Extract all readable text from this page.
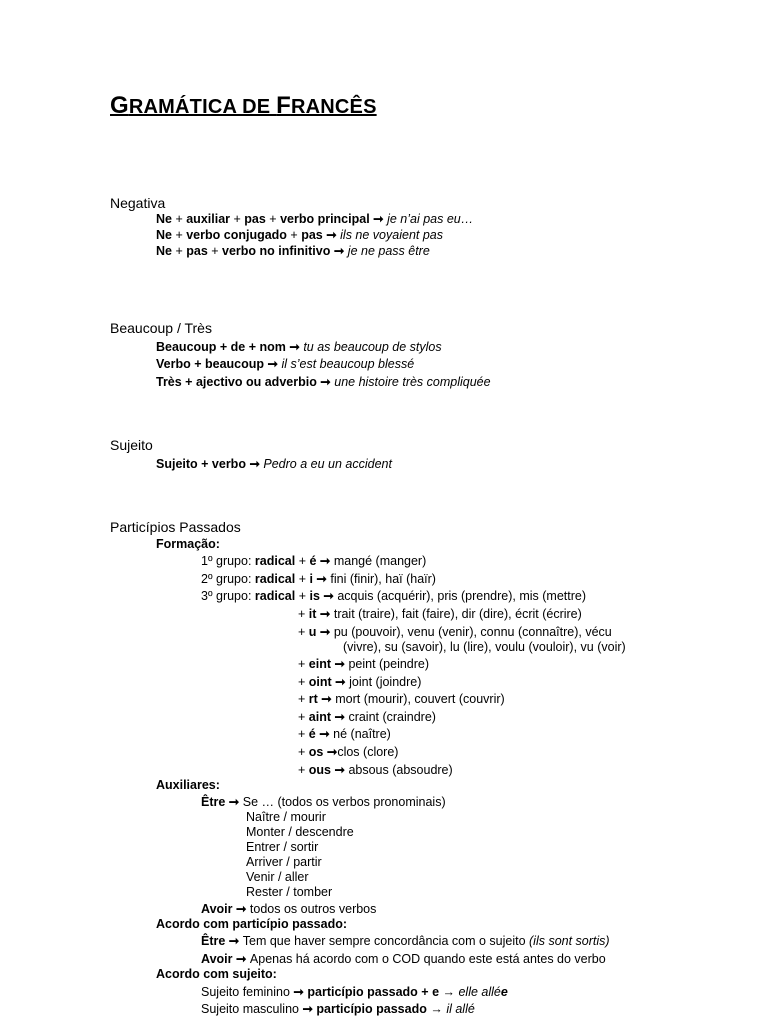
GRAMÁTICA DE FRANCÊS
Negativa
Ne + auxiliar + pas + verbo principal ➞ je n’ai pas eu…
Ne + verbo conjugado + pas ➞ ils ne voyaient pas
Ne + pas + verbo no infinitivo ➞ je ne pass être
Beaucoup / Très
Beaucoup + de + nom ➞ tu as beaucoup de stylos
Verbo + beaucoup ➞ il s’est beaucoup blessé
Très + ajectivo ou adverbio ➞ une histoire très compliquée
Sujeito
Sujeito + verbo ➞ Pedro a eu un accident
Particípios Passados
Formação:
1º grupo: radical + é ➞ mangé (manger)
2º grupo: radical + i ➞ fini (finir), haï (haïr)
3º grupo: radical + is ➞ acquis (acquérir), pris (prendre), mis (mettre)
+ it ➞ trait (traire), fait (faire), dir (dire), écrit (écrire)
+ u ➞ pu (pouvoir), venu (venir), connu (connaître), vécu
(vivre), su (savoir), lu (lire), voulu (vouloir), vu (voir)
+ eint ➞ peint (peindre)
+ oint ➞ joint (joindre)
+ rt ➞ mort (mourir), couvert (couvrir)
+ aint ➞ craint (craindre)
+ é ➞ né (naître)
+ os ➞clos (clore)
+ ous ➞ absous (absoudre)
Auxiliares:
Être ➞ Se … (todos os verbos pronominais)
Naître / mourir
Monter / descendre
Entrer / sortir
Arriver / partir
Venir / aller
Rester / tomber
Avoir ➞ todos os outros verbos
Acordo com particípio passado:
Être ➞ Tem que haver sempre concordância com o sujeito (ils sont sortis)
Avoir ➞ Apenas há acordo com o COD quando este está antes do verbo
Acordo com sujeito:
Sujeito feminino ➞ particípio passado + e → elle allée
Sujeito masculino ➞ particípio passado → il allé
